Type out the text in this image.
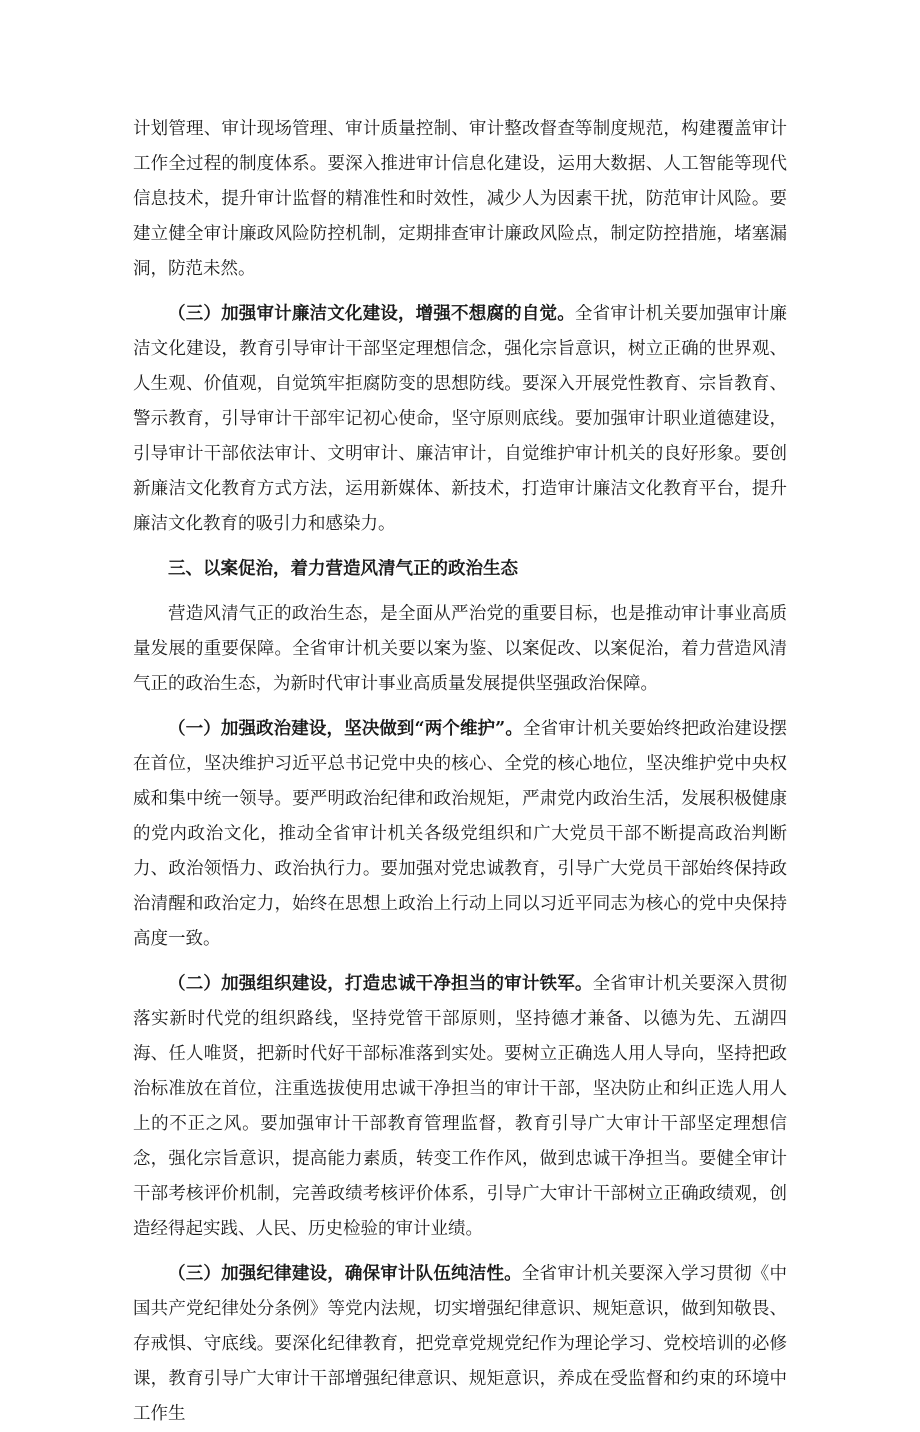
计划管理、审计现场管理、审计质量控制、审计整改督查等制度规范，构建覆盖审计工作全过程的制度体系。要深入推进审计信息化建设，运用大数据、人工智能等现代信息技术，提升审计监督的精准性和时效性，减少人为因素干扰，防范审计风险。要建立健全审计廉政风险防控机制，定期排查审计廉政风险点，制定防控措施，堵塞漏洞，防范未然。

（三）加强审计廉洁文化建设，增强不想腐的自觉。全省审计机关要加强审计廉洁文化建设，教育引导审计干部坚定理想信念，强化宗旨意识，树立正确的世界观、人生观、价值观，自觉筑牢拒腐防变的思想防线。要深入开展党性教育、宗旨教育、警示教育，引导审计干部牢记初心使命，坚守原则底线。要加强审计职业道德建设，引导审计干部依法审计、文明审计、廉洁审计，自觉维护审计机关的良好形象。要创新廉洁文化教育方式方法，运用新媒体、新技术，打造审计廉洁文化教育平台，提升廉洁文化教育的吸引力和感染力。

三、以案促治，着力营造风清气正的政治生态

营造风清气正的政治生态，是全面从严治党的重要目标，也是推动审计事业高质量发展的重要保障。全省审计机关要以案为鉴、以案促改、以案促治，着力营造风清气正的政治生态，为新时代审计事业高质量发展提供坚强政治保障。

（一）加强政治建设，坚决做到“两个维护”。全省审计机关要始终把政治建设摆在首位，坚决维护习近平总书记党中央的核心、全党的核心地位，坚决维护党中央权威和集中统一领导。要严明政治纪律和政治规矩，严肃党内政治生活，发展积极健康的党内政治文化，推动全省审计机关各级党组织和广大党员干部不断提高政治判断力、政治领悟力、政治执行力。要加强对党忠诚教育，引导广大党员干部始终保持政治清醒和政治定力，始终在思想上政治上行动上同以习近平同志为核心的党中央保持高度一致。

（二）加强组织建设，打造忠诚干净担当的审计铁军。全省审计机关要深入贯彻落实新时代党的组织路线，坚持党管干部原则，坚持德才兼备、以德为先、五湖四海、任人唯贤，把新时代好干部标准落到实处。要树立正确选人用人导向，坚持把政治标准放在首位，注重选拔使用忠诚干净担当的审计干部，坚决防止和纠正选人用人上的不正之风。要加强审计干部教育管理监督，教育引导广大审计干部坚定理想信念，强化宗旨意识，提高能力素质，转变工作作风，做到忠诚干净担当。要健全审计干部考核评价机制，完善政绩考核评价体系，引导广大审计干部树立正确政绩观，创造经得起实践、人民、历史检验的审计业绩。

（三）加强纪律建设，确保审计队伍纯洁性。全省审计机关要深入学习贯彻《中国共产党纪律处分条例》等党内法规，切实增强纪律意识、规矩意识，做到知敬畏、存戒惧、守底线。要深化纪律教育，把党章党规党纪作为理论学习、党校培训的必修课，教育引导广大审计干部增强纪律意识、规矩意识，养成在受监督和约束的环境中工作生
